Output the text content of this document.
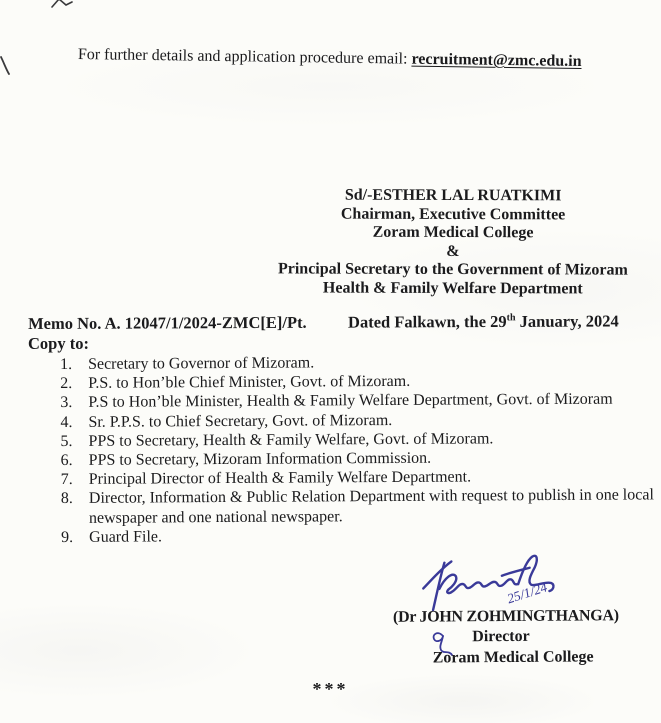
For further details and application procedure email: recruitment@zmc.edu.in

Sd/-ESTHER LAL RUATKIMI
Chairman, Executive Committee
Zoram Medical College
&
Principal Secretary to the Government of Mizoram
Health & Family Welfare Department
Memo No. A. 12047/1/2024-ZMC[E]/Pt.	Dated Falkawn, the 29th January, 2024
Copy to:
1. Secretary to Governor of Mizoram.
2. P.S. to Hon’ble Chief Minister, Govt. of Mizoram.
3. P.S to Hon’ble Minister, Health & Family Welfare Department, Govt. of Mizoram
4. Sr. P.P.S. to Chief Secretary, Govt. of Mizoram.
5. PPS to Secretary, Health & Family Welfare, Govt. of Mizoram.
6. PPS to Secretary, Mizoram Information Commission.
7. Principal Director of Health & Family Welfare Department.
8. Director, Information & Public Relation Department with request to publish in one local newspaper and one national newspaper.
9. Guard File.
25/1/24
(Dr JOHN ZOHMINGTHANGA)
Director
Zoram Medical College
***
